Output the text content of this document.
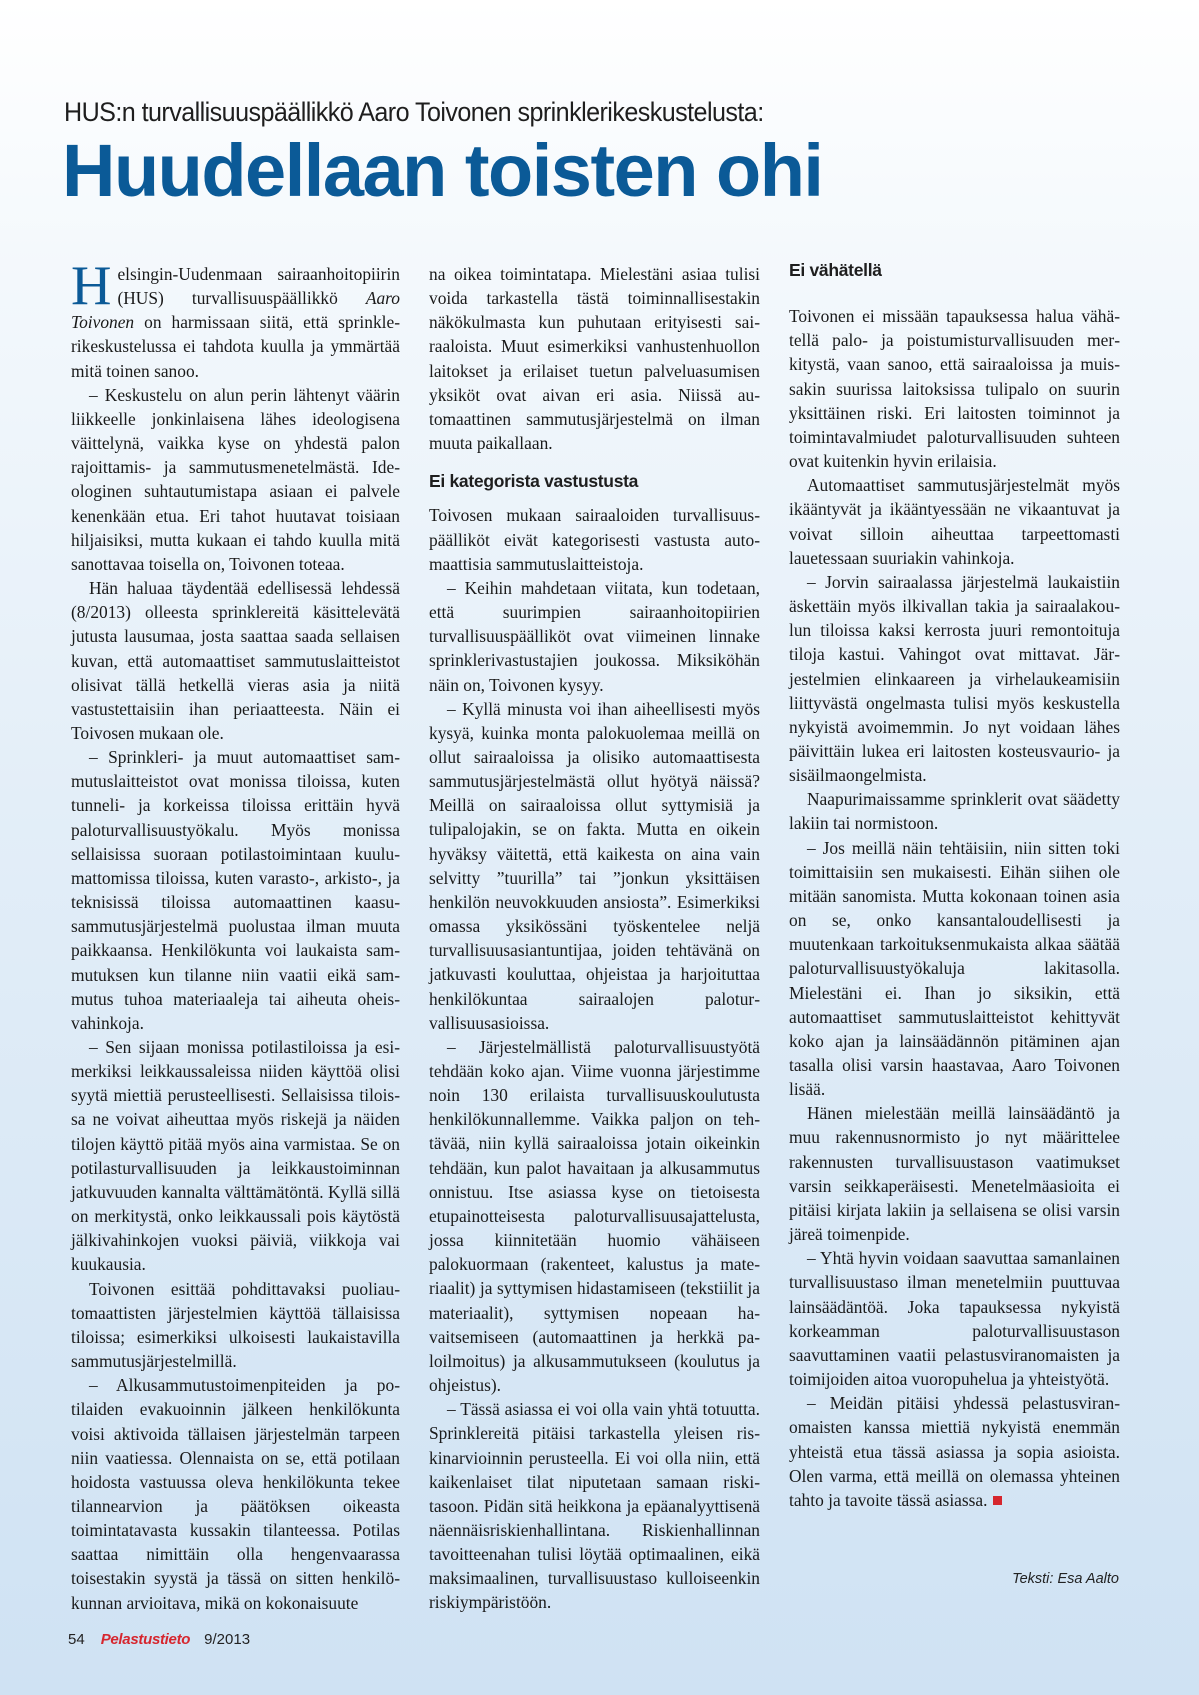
HUS:n turvallisuuspäällikkö Aaro Toivonen sprinklerikeskustelusta:
Huudellaan toisten ohi

Helsingin-Uudenmaan sairaanhoitopiirin (HUS) turvallisuuspäällikkö Aaro Toivonen on harmissaan siitä, että sprinklerikeskustelussa ei tahdota kuulla ja ymmärtää mitä toinen sanoo.

– Keskustelu on alun perin lähtenyt väärin liikkeelle jonkinlaisena lähes ideologisena väittelynä, vaikka kyse on yhdestä palon rajoittamis- ja sammutusmenetelmästä. Ideologinen suhtautumistapa asiaan ei palvele kenenkään etua. Eri tahot huutavat toisiaan hiljaisiksi, mutta kukaan ei tahdo kuulla mitä sanottavaa toisella on, Toivonen toteaa.

Hän haluaa täydentää edellisessä lehdessä (8/2013) olleesta sprinklereitä käsittelevätä jutusta lausumaa, josta saattaa saada sellaisen kuvan, että automaattiset sammutuslaitteistot olisivat tällä hetkellä vieras asia ja niitä vastustettaisiin ihan periaatteesta. Näin ei Toivosen mukaan ole.

– Sprinkleri- ja muut automaattiset sammutuslaitteistot ovat monissa tiloissa, kuten tunneli- ja korkeissa tiloissa erittäin hyvä paloturvallisuustyökalu. Myös monissa sellaisissa suoraan potilastoimintaan kuulumattomissa tiloissa, kuten varasto-, arkisto-, ja teknisissä tiloissa automaattinen kaasusammutusjärjestelmä puolustaa ilman muuta paikkaansa. Henkilökunta voi laukaista sammutuksen kun tilanne niin vaatii eikä sammutus tuhoa materiaaleja tai aiheuta oheisvahinkoja.

– Sen sijaan monissa potilastiloissa ja esimerkiksi leikkaussaleissa niiden käyttöä olisi syytä miettiä perusteellisesti. Sellaisissa tiloissa ne voivat aiheuttaa myös riskejä ja näiden tilojen käyttö pitää myös aina varmistaa. Se on potilasturvallisuuden ja leikkaustoiminnan jatkuvuuden kannalta välttämätöntä. Kyllä sillä on merkitystä, onko leikkaussali pois käytöstä jälkivahinkojen vuoksi päiviä, viikkoja vai kuukausia.

Toivonen esittää pohdittavaksi puoliautomaattisten järjestelmien käyttöä tällaisissa tiloissa; esimerkiksi ulkoisesti laukaistavilla sammutusjärjestelmillä.

– Alkusammutustoimenpiteiden ja potilaiden evakuoinnin jälkeen henkilökunta voisi aktivoida tällaisen järjestelmän tarpeen niin vaatiessa. Olennaista on se, että potilaan hoidosta vastuussa oleva henkilökunta tekee tilannearvion ja päätöksen oikeasta toimintatavasta kussakin tilanteessa. Potilas saattaa nimittäin olla hengenvaarassa toisestakin syystä ja tässä on sitten henkilökunnan arvioitava, mikä on kokonaisuute

na oikea toimintatapa. Mielestäni asiaa tulisi voida tarkastella tästä toiminnallisestakin näkökulmasta kun puhutaan erityisesti sairaaloista. Muut esimerkiksi vanhustenhuollon laitokset ja erilaiset tuetun palveluasumisen yksiköt ovat aivan eri asia. Niissä automaattinen sammutusjärjestelmä on ilman muuta paikallaan.

Ei kategorista vastustusta

Toivosen mukaan sairaaloiden turvallisuuspäälliköt eivät kategorisesti vastusta automaattisia sammutuslaitteistoja.

– Keihin mahdetaan viitata, kun todetaan, että suurimpien sairaanhoitopiirien turvallisuuspäälliköt ovat viimeinen linnake sprinklerivastustajien joukossa. Miksiköhän näin on, Toivonen kysyy.

– Kyllä minusta voi ihan aiheellisesti myös kysyä, kuinka monta palokuolemaa meillä on ollut sairaaloissa ja olisiko automaattisesta sammutusjärjestelmästä ollut hyötyä näissä? Meillä on sairaaloissa ollut syttymisiä ja tulipalojakin, se on fakta. Mutta en oikein hyväksy väitettä, että kaikesta on aina vain selvitty ”tuurilla” tai ”jonkun yksittäisen henkilön neuvokkuuden ansiosta”. Esimerkiksi omassa yksikössäni työskentelee neljä turvallisuusasiantuntijaa, joiden tehtävänä on jatkuvasti kouluttaa, ohjeistaa ja harjoituttaa henkilökuntaa sairaalojen paloturvallisuusasioissa.

– Järjestelmällistä paloturvallisuustyötä tehdään koko ajan. Viime vuonna järjestimme noin 130 erilaista turvallisuuskoulutusta henkilökunnallemme. Vaikka paljon on tehtävää, niin kyllä sairaaloissa jotain oikeinkin tehdään, kun palot havaitaan ja alkusammutus onnistuu. Itse asiassa kyse on tietoisesta etupainotteisesta paloturvallisuusajattelusta, jossa kiinnitetään huomio vähäiseen palokuormaan (rakenteet, kalustus ja materiaalit) ja syttymisen hidastamiseen (tekstiilit ja materiaalit), syttymisen nopeaan havaitsemiseen (automaattinen ja herkkä paloilmoitus) ja alkusammutukseen (koulutus ja ohjeistus).

– Tässä asiassa ei voi olla vain yhtä totuutta. Sprinklereitä pitäisi tarkastella yleisen riskinarvioinnin perusteella. Ei voi olla niin, että kaikenlaiset tilat niputetaan samaan riskitasoon. Pidän sitä heikkona ja epäanalyyttisenä näennäisriskienhallintana. Riskienhallinnan tavoitteenahan tulisi löytää optimaalinen, eikä maksimaalinen, turvallisuustaso kulloiseenkin riskiympäristöön.

Ei vähätellä

Toivonen ei missään tapauksessa halua vähätellä palo- ja poistumisturvallisuuden merkitystä, vaan sanoo, että sairaaloissa ja muissakin suurissa laitoksissa tulipalo on suurin yksittäinen riski. Eri laitosten toiminnot ja toimintavalmiudet paloturvallisuuden suhteen ovat kuitenkin hyvin erilaisia.

Automaattiset sammutusjärjestelmät myös ikääntyvät ja ikääntyessään ne vikaantuvat ja voivat silloin aiheuttaa tarpeettomasti lauetessaan suuriakin vahinkoja.

– Jorvin sairaalassa järjestelmä laukaistiin äskettäin myös ilkivallan takia ja sairaalakoulun tiloissa kaksi kerrosta juuri remontoituja tiloja kastui. Vahingot ovat mittavat. Järjestelmien elinkaareen ja virhelaukeamisiin liittyvästä ongelmasta tulisi myös keskustella nykyistä avoimemmin. Jo nyt voidaan lähes päivittäin lukea eri laitosten kosteusvaurio- ja sisäilmaongelmista.

Naapurimaissamme sprinklerit ovat säädetty lakiin tai normistoon.

– Jos meillä näin tehtäisiin, niin sitten toki toimittaisiin sen mukaisesti. Eihän siihen ole mitään sanomista. Mutta kokonaan toinen asia on se, onko kansantaloudellisesti ja muutenkaan tarkoituksenmukaista alkaa säätää paloturvallisuustyökaluja lakitasolla. Mielestäni ei. Ihan jo siksikin, että automaattiset sammutuslaitteistot kehittyvät koko ajan ja lainsäädännön pitäminen ajan tasalla olisi varsin haastavaa, Aaro Toivonen lisää.

Hänen mielestään meillä lainsäädäntö ja muu rakennusnormisto jo nyt määrittelee rakennusten turvallisuustason vaatimukset varsin seikkaperäisesti. Menetelmäasioita ei pitäisi kirjata lakiin ja sellaisena se olisi varsin järeä toimenpide.

– Yhtä hyvin voidaan saavuttaa samanlainen turvallisuustaso ilman menetelmiin puuttuvaa lainsäädäntöä. Joka tapauksessa nykyistä korkeamman paloturvallisuustason saavuttaminen vaatii pelastusviranomaisten ja toimijoiden aitoa vuoropuhelua ja yhteistyötä.

– Meidän pitäisi yhdessä pelastusviranomaisten kanssa miettiä nykyistä enemmän yhteistä etua tässä asiassa ja sopia asioista. Olen varma, että meillä on olemassa yhteinen tahto ja tavoite tässä asiassa.

Teksti: Esa Aalto
54 Pelastustieto 9/2013
